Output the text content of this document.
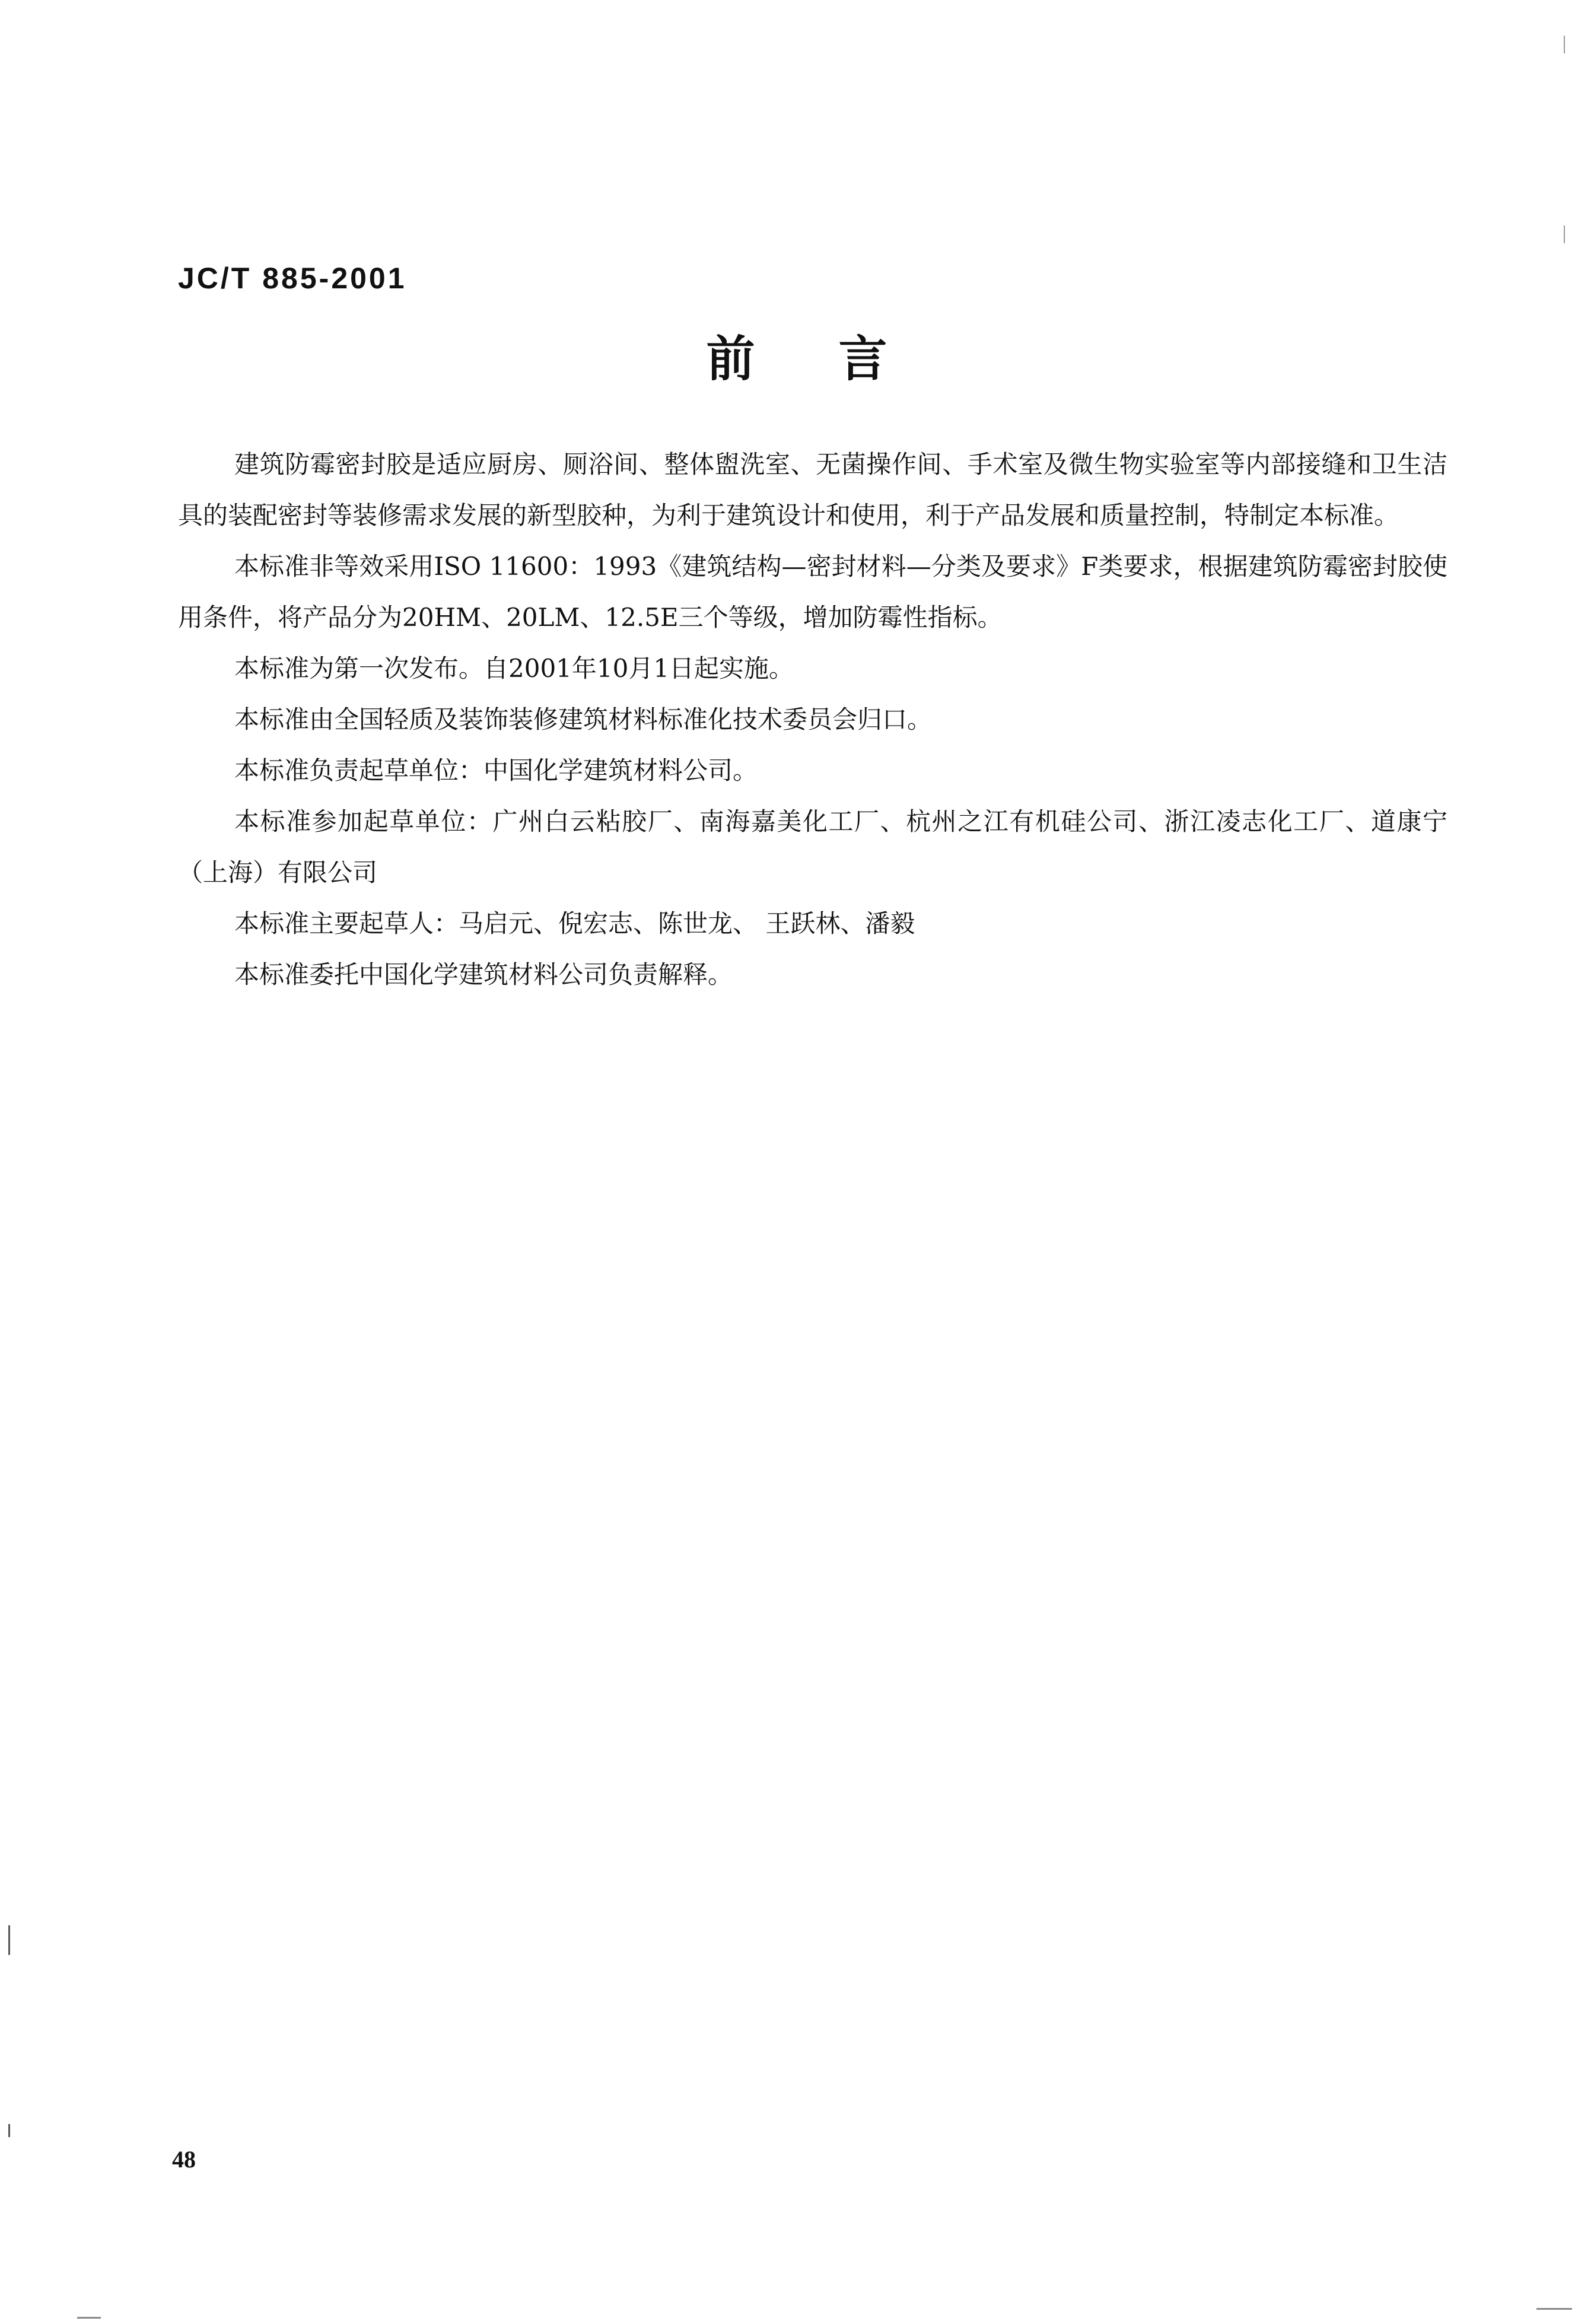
JC/T 885-2001
前 言

建筑防霉密封胶是适应厨房、厕浴间、整体盥洗室、无菌操作间、手术室及微生物实验室等内部接缝和卫生洁具的装配密封等装修需求发展的新型胶种，为利于建筑设计和使用，利于产品发展和质量控制，特制定本标准。

本标准非等效采用ISO 11600：1993《建筑结构—密封材料—分类及要求》F类要求，根据建筑防霉密封胶使用条件，将产品分为20HM、20LM、12.5E三个等级，增加防霉性指标。

本标准为第一次发布。自2001年10月1日起实施。

本标准由全国轻质及装饰装修建筑材料标准化技术委员会归口。

本标准负责起草单位：中国化学建筑材料公司。

本标准参加起草单位：广州白云粘胶厂、南海嘉美化工厂、杭州之江有机硅公司、浙江凌志化工厂、道康宁（上海）有限公司

本标准主要起草人：马启元、倪宏志、陈世龙、 王跃林、潘毅

本标准委托中国化学建筑材料公司负责解释。

48
